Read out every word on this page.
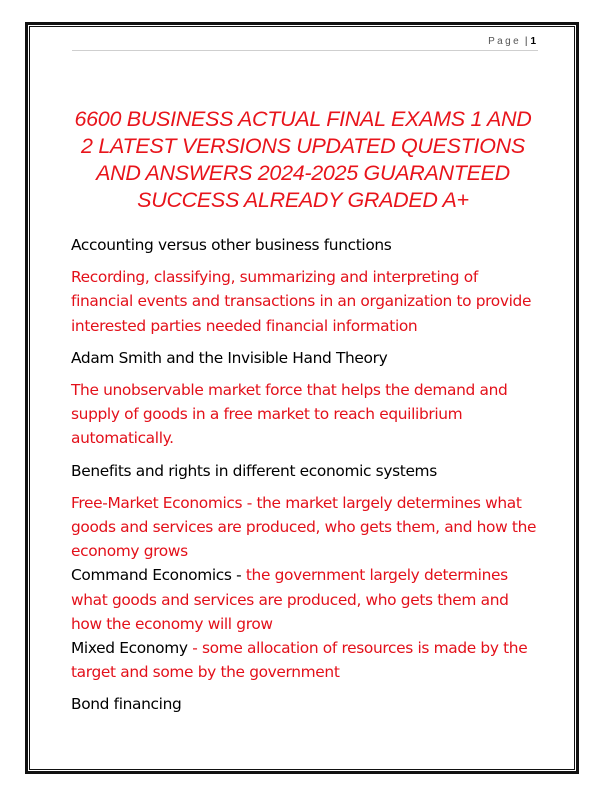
Page | 1
6600 BUSINESS ACTUAL FINAL EXAMS 1 AND 2 LATEST VERSIONS UPDATED QUESTIONS AND ANSWERS 2024-2025 GUARANTEED SUCCESS ALREADY GRADED A+

Accounting versus other business functions

Recording, classifying, summarizing and interpreting of financial events and transactions in an organization to provide interested parties needed financial information

Adam Smith and the Invisible Hand Theory

The unobservable market force that helps the demand and supply of goods in a free market to reach equilibrium automatically.

Benefits and rights in different economic systems

Free-Market Economics - the market largely determines what goods and services are produced, who gets them, and how the economy grows

Command Economics - the government largely determines what goods and services are produced, who gets them and how the economy will grow

Mixed Economy - some allocation of resources is made by the target and some by the government

Bond financing
